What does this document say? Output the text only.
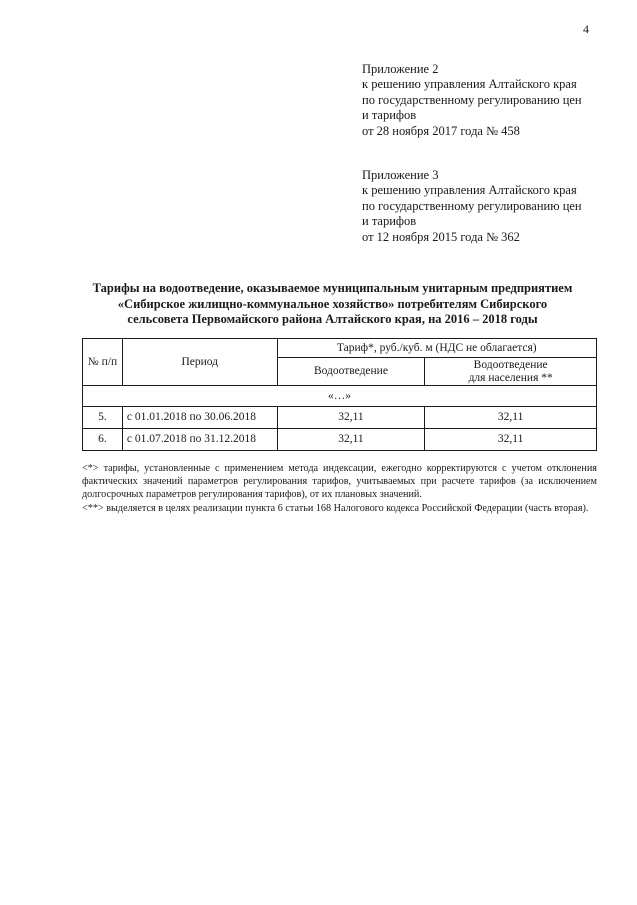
4
Приложение 2
к решению управления Алтайского края
по государственному регулированию цен
и тарифов
от 28 ноября 2017 года № 458
Приложение 3
к решению управления Алтайского края
по государственному регулированию цен
и тарифов
от 12 ноября 2015 года № 362
Тарифы на водоотведение, оказываемое муниципальным унитарным предприятием
«Сибирское жилищно-коммунальное хозяйство» потребителям Сибирского
сельсовета Первомайского района Алтайского края, на 2016 – 2018 годы
№ п/п	Период	Тариф*, руб./куб. м (НДС не облагается)	
		Водоотведение	Водоотведение
для населения **
«…»			
5.	с 01.01.2018 по 30.06.2018	32,11	32,11
6.	с 01.07.2018 по 31.12.2018	32,11	32,11

<*> тарифы, установленные с применением метода индексации, ежегодно корректируются с учетом отклонения фактических значений параметров регулирования тарифов, учитываемых при расчете тарифов (за исключением долгосрочных параметров регулирования тарифов), от их плановых значений.

<**> выделяется в целях реализации пункта 6 статьи 168 Налогового кодекса Российской Федерации (часть вторая).
